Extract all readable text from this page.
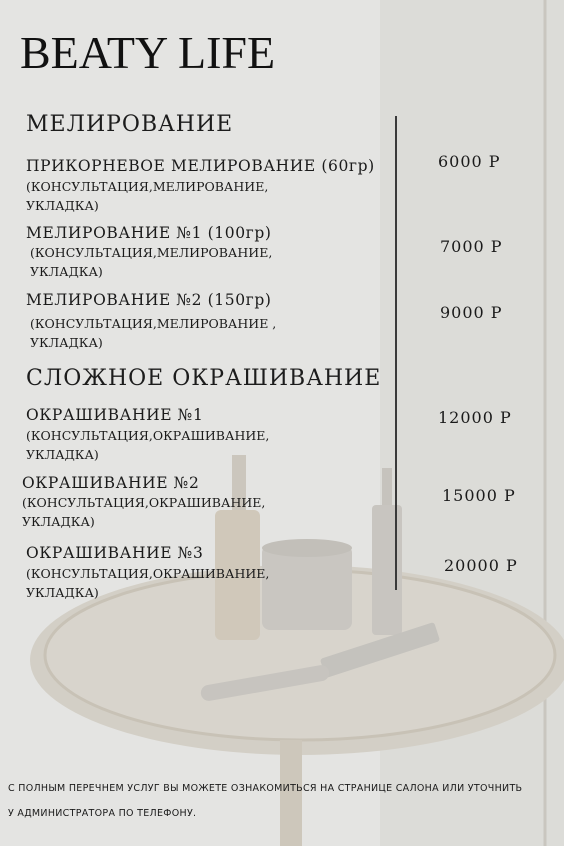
BEATY LIFE
МЕЛИРОВАНИЕ
ПРИКОРНЕВОЕ МЕЛИРОВАНИЕ (60гр)
(КОНСУЛЬТАЦИЯ,МЕЛИРОВАНИЕ, УКЛАДКА)
6000 Р
МЕЛИРОВАНИЕ №1 (100гр)
(КОНСУЛЬТАЦИЯ,МЕЛИРОВАНИЕ, УКЛАДКА)
7000 Р
МЕЛИРОВАНИЕ №2 (150гр)
(КОНСУЛЬТАЦИЯ,МЕЛИРОВАНИЕ , УКЛАДКА)
9000 Р
СЛОЖНОЕ ОКРАШИВАНИЕ
ОКРАШИВАНИЕ №1
(КОНСУЛЬТАЦИЯ,ОКРАШИВАНИЕ, УКЛАДКА)
12000 Р
ОКРАШИВАНИЕ №2
(КОНСУЛЬТАЦИЯ,ОКРАШИВАНИЕ, УКЛАДКА)
15000 Р
ОКРАШИВАНИЕ №3
(КОНСУЛЬТАЦИЯ,ОКРАШИВАНИЕ, УКЛАДКА)
20000 Р
С ПОЛНЫМ ПЕРЕЧНЕМ УСЛУГ ВЫ МОЖЕТЕ ОЗНАКОМИТЬСЯ НА СТРАНИЦЕ САЛОНА ИЛИ УТОЧНИТЬ
У АДМИНИСТРАТОРА ПО ТЕЛЕФОНУ.
